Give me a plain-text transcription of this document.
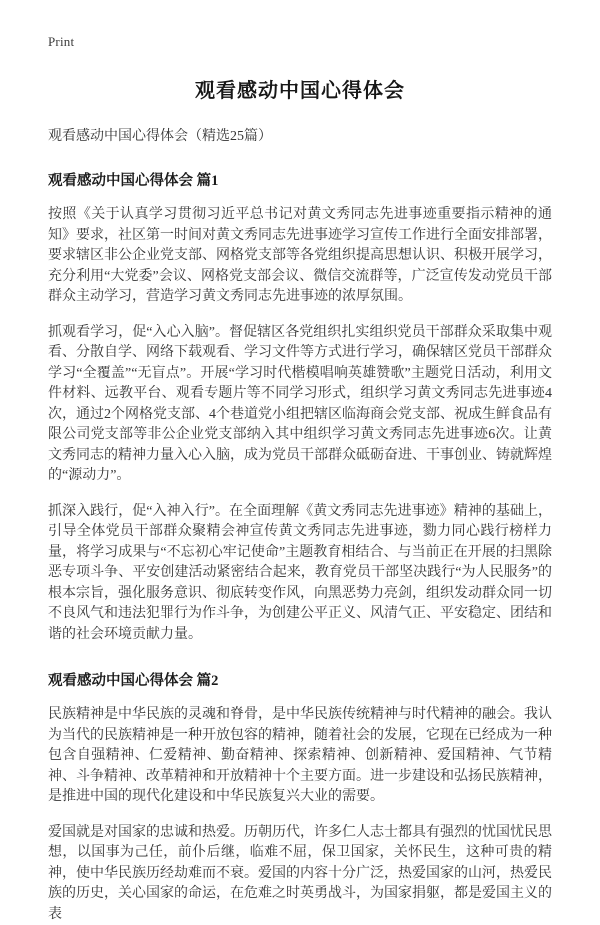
Print
观看感动中国心得体会
观看感动中国心得体会（精选25篇）
观看感动中国心得体会 篇1

按照《关于认真学习贯彻习近平总书记对黄文秀同志先进事迹重要指示精神的通知》要求，社区第一时间对黄文秀同志先进事迹学习宣传工作进行全面安排部署，要求辖区非公企业党支部、网格党支部等各党组织提高思想认识、积极开展学习，充分利用“大党委”会议、网格党支部会议、微信交流群等，广泛宣传发动党员干部群众主动学习，营造学习黄文秀同志先进事迹的浓厚氛围。

抓观看学习，促“入心入脑”。督促辖区各党组织扎实组织党员干部群众采取集中观看、分散自学、网络下载观看、学习文件等方式进行学习，确保辖区党员干部群众学习“全覆盖”“无盲点”。开展“学习时代楷模唱响英雄赞歌”主题党日活动，利用文件材料、远教平台、观看专题片等不同学习形式，组织学习黄文秀同志先进事迹4次，通过2个网格党支部、4个巷道党小组把辖区临海商会党支部、祝成生鲜食品有限公司党支部等非公企业党支部纳入其中组织学习黄文秀同志先进事迹6次。让黄文秀同志的精神力量入心入脑，成为党员干部群众砥砺奋进、干事创业、铸就辉煌的“源动力”。

抓深入践行，促“入神入行”。在全面理解《黄文秀同志先进事迹》精神的基础上，引导全体党员干部群众聚精会神宣传黄文秀同志先进事迹，勠力同心践行榜样力量，将学习成果与“不忘初心牢记使命”主题教育相结合、与当前正在开展的扫黑除恶专项斗争、平安创建活动紧密结合起来，教育党员干部坚决践行“为人民服务”的根本宗旨，强化服务意识、彻底转变作风，向黑恶势力亮剑，组织发动群众同一切不良风气和违法犯罪行为作斗争，为创建公平正义、风清气正、平安稳定、团结和谐的社会环境贡献力量。

观看感动中国心得体会 篇2

民族精神是中华民族的灵魂和脊骨，是中华民族传统精神与时代精神的融会。我认为当代的民族精神是一种开放包容的精神，随着社会的发展，它现在已经成为一种包含自强精神、仁爱精神、勤奋精神、探索精神、创新精神、爱国精神、气节精神、斗争精神、改革精神和开放精神十个主要方面。进一步建设和弘扬民族精神，是推进中国的现代化建设和中华民族复兴大业的需要。

爱国就是对国家的忠诚和热爱。历朝历代，许多仁人志士都具有强烈的忧国忧民思想，以国事为己任，前仆后继，临难不屈，保卫国家，关怀民生，这种可贵的精神，使中华民族历经劫难而不衰。爱国的内容十分广泛，热爱国家的山河，热爱民族的历史，关心国家的命运，在危难之时英勇战斗，为国家捐躯，都是爱国主义的表
